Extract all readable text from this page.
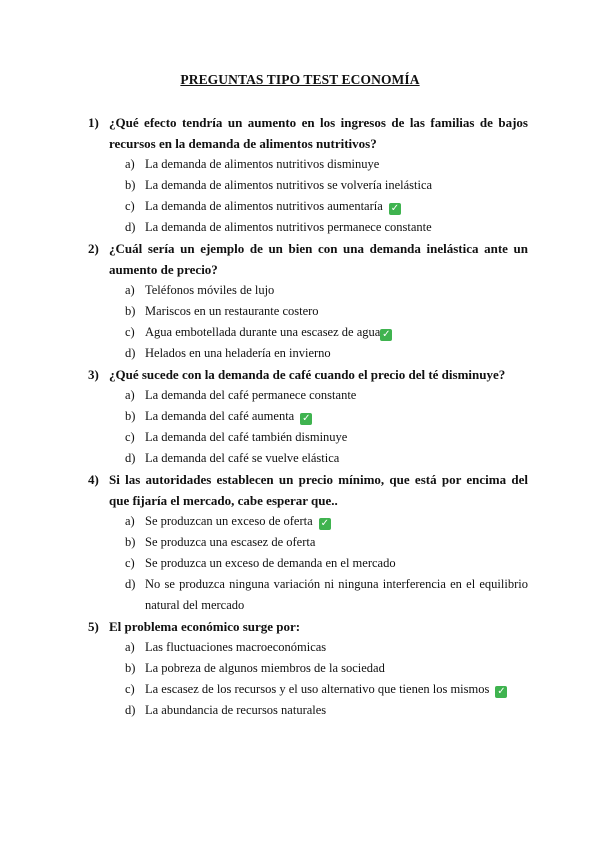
PREGUNTAS TIPO TEST ECONOMÍA
1) ¿Qué efecto tendría un aumento en los ingresos de las familias de bajos recursos en la demanda de alimentos nutritivos?
a) La demanda de alimentos nutritivos disminuye
b) La demanda de alimentos nutritivos se volvería inelástica
c) La demanda de alimentos nutritivos aumentaría ✓
d) La demanda de alimentos nutritivos permanece constante
2) ¿Cuál sería un ejemplo de un bien con una demanda inelástica ante un aumento de precio?
a) Teléfonos móviles de lujo
b) Mariscos en un restaurante costero
c) Agua embotellada durante una escasez de agua ✓
d) Helados en una heladería en invierno
3) ¿Qué sucede con la demanda de café cuando el precio del té disminuye?
a) La demanda del café permanece constante
b) La demanda del café aumenta ✓
c) La demanda del café también disminuye
d) La demanda del café se vuelve elástica
4) Si las autoridades establecen un precio mínimo, que está por encima del que fijaría el mercado, cabe esperar que..
a) Se produzcan un exceso de oferta ✓
b) Se produzca una escasez de oferta
c) Se produzca un exceso de demanda en el mercado
d) No se produzca ninguna variación ni ninguna interferencia en el equilibrio natural del mercado
5) El problema económico surge por:
a) Las fluctuaciones macroeconómicas
b) La pobreza de algunos miembros de la sociedad
c) La escasez de los recursos y el uso alternativo que tienen los mismos ✓
d) La abundancia de recursos naturales
